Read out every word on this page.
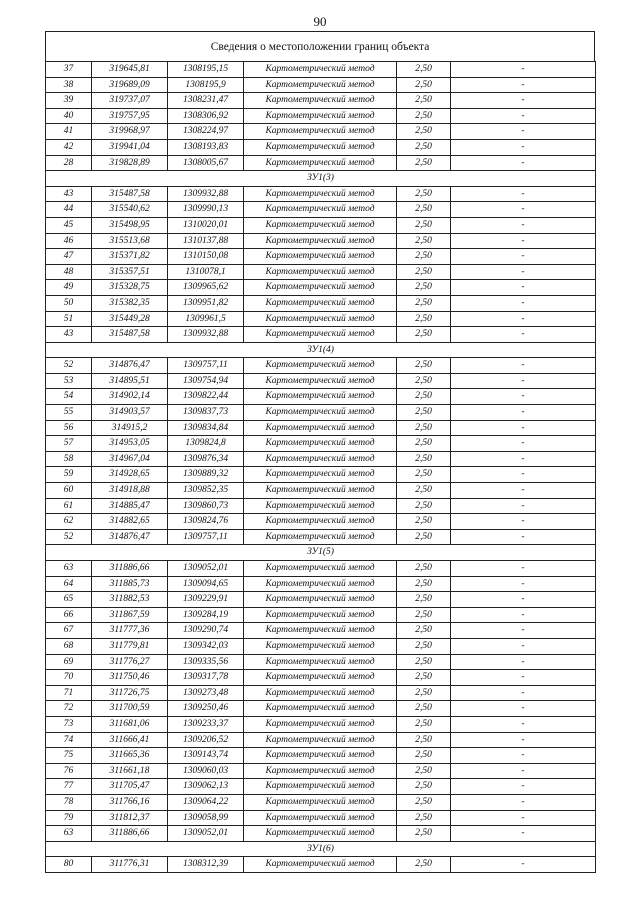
90
Сведения о местоположении границ объекта
37	319645,81	1308195,15	Картометрический метод	2,50	-
38	319689,09	1308195,9	Картометрический метод	2,50	-
39	319737,07	1308231,47	Картометрический метод	2,50	-
40	319757,95	1308306,92	Картометрический метод	2,50	-
41	319968,97	1308224,97	Картометрический метод	2,50	-
42	319941,04	1308193,83	Картометрический метод	2,50	-
28	319828,89	1308005,67	Картометрический метод	2,50	-
ЗУ1(3)					
43	315487,58	1309932,88	Картометрический метод	2,50	-
44	315540,62	1309990,13	Картометрический метод	2,50	-
45	315498,95	1310020,01	Картометрический метод	2,50	-
46	315513,68	1310137,88	Картометрический метод	2,50	-
47	315371,82	1310150,08	Картометрический метод	2,50	-
48	315357,51	1310078,1	Картометрический метод	2,50	-
49	315328,75	1309965,62	Картометрический метод	2,50	-
50	315382,35	1309951,82	Картометрический метод	2,50	-
51	315449,28	1309961,5	Картометрический метод	2,50	-
43	315487,58	1309932,88	Картометрический метод	2,50	-
ЗУ1(4)					
52	314876,47	1309757,11	Картометрический метод	2,50	-
53	314895,51	1309754,94	Картометрический метод	2,50	-
54	314902,14	1309822,44	Картометрический метод	2,50	-
55	314903,57	1309837,73	Картометрический метод	2,50	-
56	314915,2	1309834,84	Картометрический метод	2,50	-
57	314953,05	1309824,8	Картометрический метод	2,50	-
58	314967,04	1309876,34	Картометрический метод	2,50	-
59	314928,65	1309889,32	Картометрический метод	2,50	-
60	314918,88	1309852,35	Картометрический метод	2,50	-
61	314885,47	1309860,73	Картометрический метод	2,50	-
62	314882,65	1309824,76	Картометрический метод	2,50	-
52	314876,47	1309757,11	Картометрический метод	2,50	-
ЗУ1(5)					
63	311886,66	1309052,01	Картометрический метод	2,50	-
64	311885,73	1309094,65	Картометрический метод	2,50	-
65	311882,53	1309229,91	Картометрический метод	2,50	-
66	311867,59	1309284,19	Картометрический метод	2,50	-
67	311777,36	1309290,74	Картометрический метод	2,50	-
68	311779,81	1309342,03	Картометрический метод	2,50	-
69	311776,27	1309335,56	Картометрический метод	2,50	-
70	311750,46	1309317,78	Картометрический метод	2,50	-
71	311726,75	1309273,48	Картометрический метод	2,50	-
72	311700,59	1309250,46	Картометрический метод	2,50	-
73	311681,06	1309233,37	Картометрический метод	2,50	-
74	311666,41	1309206,52	Картометрический метод	2,50	-
75	311665,36	1309143,74	Картометрический метод	2,50	-
76	311661,18	1309060,03	Картометрический метод	2,50	-
77	311705,47	1309062,13	Картометрический метод	2,50	-
78	311766,16	1309064,22	Картометрический метод	2,50	-
79	311812,37	1309058,99	Картометрический метод	2,50	-
63	311886,66	1309052,01	Картометрический метод	2,50	-
ЗУ1(6)					
80	311776,31	1308312,39	Картометрический метод	2,50	-
